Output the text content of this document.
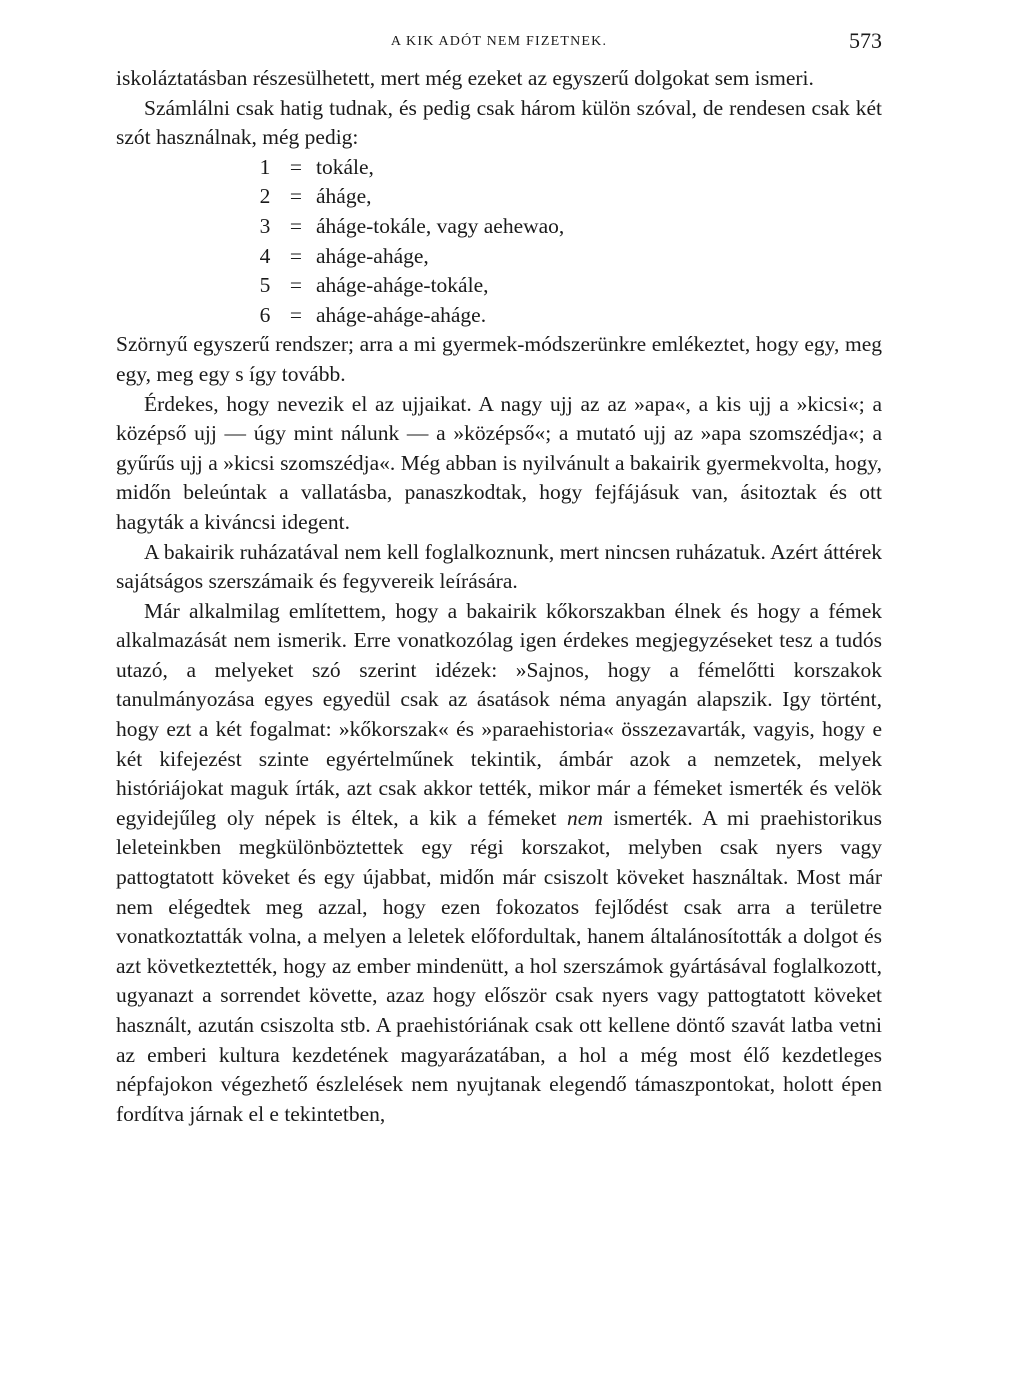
A KIK ADÓT NEM FIZETNEK.	573

iskoláztatásban részesülhetett, mert még ezeket az egyszerű dolgokat sem ismeri.

Számlálni csak hatig tudnak, és pedig csak három külön szóval, de rendesen csak két szót használnak, még pedig:

1 = tokále,
2 = áháge,
3 = áháge-tokále, vagy aehewao,
4 = aháge-aháge,
5 = aháge-aháge-tokále,
6 = aháge-aháge-aháge.

Szörnyű egyszerű rendszer; arra a mi gyermek-módszerünkre emlékeztet, hogy egy, meg egy, meg egy s így tovább.

Érdekes, hogy nevezik el az ujjaikat. A nagy ujj az az »apa«, a kis ujj a »kicsi«; a középső ujj — úgy mint nálunk — a »középső«; a mutató ujj az »apa szomszédja«; a gyűrűs ujj a »kicsi szomszédja«. Még abban is nyilvánult a bakairik gyermekvolta, hogy, midőn beleúntak a vallatásba, panaszkodtak, hogy fejfájásuk van, ásitoztak és ott hagyták a kiváncsi idegent.

A bakairik ruházatával nem kell foglalkoznunk, mert nincsen ruházatuk. Azért áttérek sajátságos szerszámaik és fegyvereik leírására.

Már alkalmilag említettem, hogy a bakairik kőkorszakban élnek és hogy a fémek alkalmazását nem ismerik. Erre vonatkozólag igen érdekes megjegyzéseket tesz a tudós utazó, a melyeket szó szerint idézek: »Sajnos, hogy a fémelőtti korszakok tanulmányozása egyes egyedül csak az ásatások néma anyagán alapszik. Igy történt, hogy ezt a két fogalmat: »kőkorszak« és »paraehistoria« összezavarták, vagyis, hogy e két kifejezést szinte egyértelműnek tekintik, ámbár azok a nemzetek, melyek históriájokat maguk írták, azt csak akkor tették, mikor már a fémeket ismerték és velök egyidejűleg oly népek is éltek, a kik a fémeket nem ismerték. A mi praehistorikus leleteinkben megkülönböztettek egy régi korszakot, melyben csak nyers vagy pattogtatott köveket és egy újabbat, midőn már csiszolt köveket használtak. Most már nem elégedtek meg azzal, hogy ezen fokozatos fejlődést csak arra a területre vonatkoztatták volna, a melyen a leletek előfordultak, hanem általánosították a dolgot és azt következtették, hogy az ember mindenütt, a hol szerszámok gyártásával foglalkozott, ugyanazt a sorrendet követte, azaz hogy először csak nyers vagy pattogtatott köveket használt, azután csiszolta stb. A praehistóriának csak ott kellene döntő szavát latba vetni az emberi kultura kezdetének magyarázatában, a hol a még most élő kezdetleges népfajokon végezhető észlelések nem nyujtanak elegendő támaszpontokat, holott épen fordítva járnak el e tekintetben,
